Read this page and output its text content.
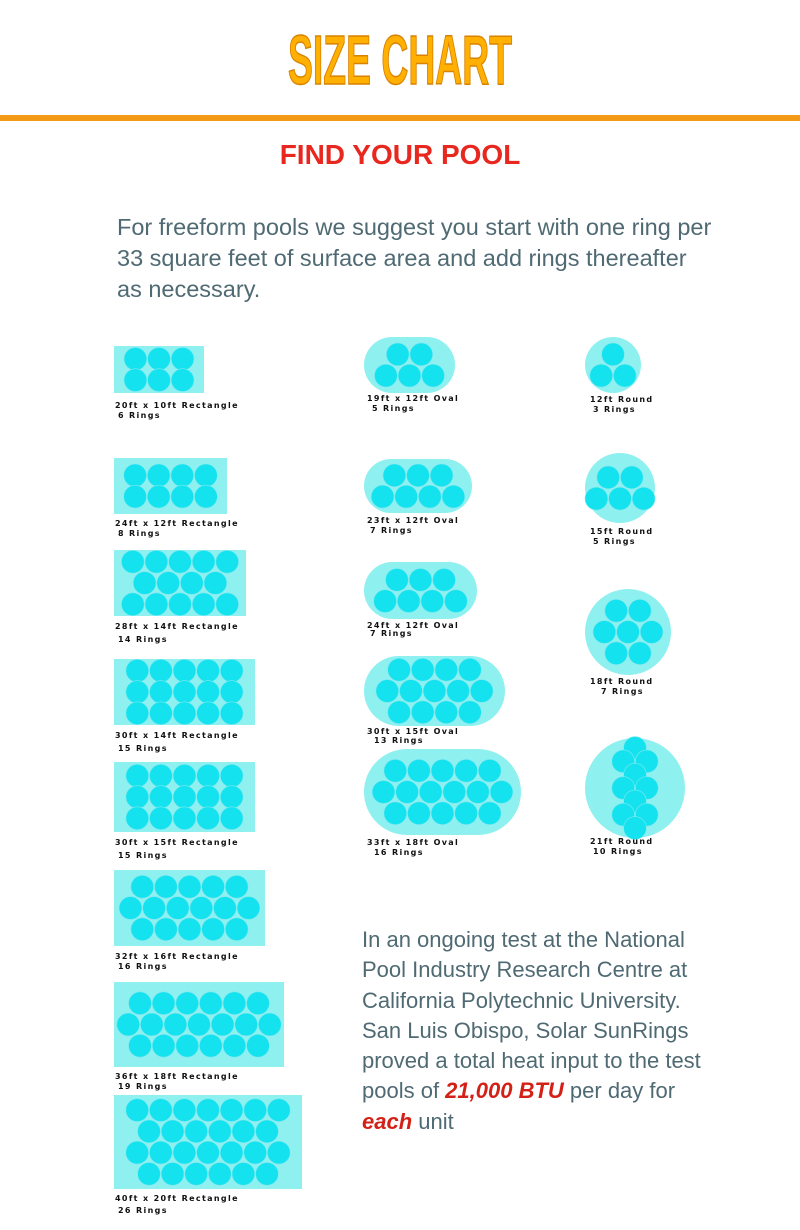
SIZE CHART
FIND YOUR POOL

For freeform pools we suggest you start with one ring per 33 square feet of surface area and add rings thereafter as necessary.

20ft x 10ft Rectangle
6 Rings
24ft x 12ft Rectangle
8 Rings
28ft x 14ft Rectangle
14 Rings
30ft x 14ft Rectangle
15 Rings
30ft x 15ft Rectangle
15 Rings
32ft x 16ft Rectangle
16 Rings
36ft x 18ft Rectangle
19 Rings
40ft x 20ft Rectangle
26 Rings
19ft x 12ft Oval
5 Rings
23ft x 12ft Oval
7 Rings
24ft x 12ft Oval
7 Rings
30ft x 15ft Oval
13 Rings
33ft x 18ft Oval
16 Rings
12ft Round
3 Rings
15ft Round
5 Rings
18ft Round
7 Rings
21ft Round
10 Rings

In an ongoing test at the National Pool Industry Research Centre at California Polytechnic University. San Luis Obispo, Solar SunRings proved a total heat input to the test pools of 21,000 BTU per day for each unit
